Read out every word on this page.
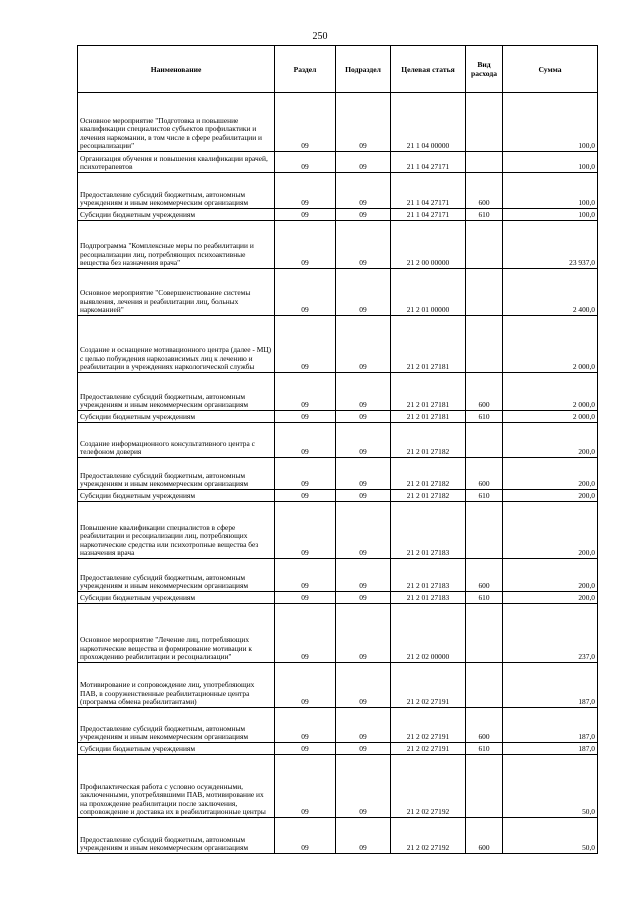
250
Наименование	Раздел	Подраздел	Целевая статья	Вид расхода	Сумма
Основное мероприятие "Подготовка и повышение квалификации специалистов субъектов профилактики и лечения наркомании, в том числе в сфере реабилитации и ресоциализации"	09	09	21 1 04 00000		100,0
Организация обучения и повышения квалификации врачей, психотерапевтов	09	09	21 1 04 27171		100,0
Предоставление субсидий бюджетным, автономным учреждениям и иным некоммерческим организациям	09	09	21 1 04 27171	600	100,0
Субсидии бюджетным учреждениям	09	09	21 1 04 27171	610	100,0
Подпрограмма "Комплексные меры по реабилитации и ресоциализации лиц, потребляющих психоактивные вещества без назначения врача"	09	09	21 2 00 00000		23 937,0
Основное мероприятие "Совершенствование системы выявления, лечения и реабилитации лиц, больных наркоманией"	09	09	21 2 01 00000		2 400,0
Создание и оснащение мотивационного центра (далее - МЦ) с целью побуждения наркозависимых лиц к лечению и реабилитации в учреждениях наркологической службы	09	09	21 2 01 27181		2 000,0
Предоставление субсидий бюджетным, автономным учреждениям и иным некоммерческим организациям	09	09	21 2 01 27181	600	2 000,0
Субсидии бюджетным учреждениям	09	09	21 2 01 27181	610	2 000,0
Создание информационного консультативного центра с телефоном доверия	09	09	21 2 01 27182		200,0
Предоставление субсидий бюджетным, автономным учреждениям и иным некоммерческим организациям	09	09	21 2 01 27182	600	200,0
Субсидии бюджетным учреждениям	09	09	21 2 01 27182	610	200,0
Повышение квалификации специалистов в сфере реабилитации и ресоциализации лиц, потребляющих наркотические средства или психотропные вещества без назначения врача	09	09	21 2 01 27183		200,0
Предоставление субсидий бюджетным, автономным учреждениям и иным некоммерческим организациям	09	09	21 2 01 27183	600	200,0
Субсидии бюджетным учреждениям	09	09	21 2 01 27183	610	200,0
Основное мероприятие "Лечение лиц, потребляющих наркотические вещества и формирование мотивации к прохождению реабилитации и ресоциализации"	09	09	21 2 02 00000		237,0
Мотивирование и сопровождение лиц, употребляющих ПАВ, в сооруженственные реабилитационные центра (программа обмена реабилитантами)	09	09	21 2 02 27191		187,0
Предоставление субсидий бюджетным, автономным учреждениям и иным некоммерческим организациям	09	09	21 2 02 27191	600	187,0
Субсидии бюджетным учреждениям	09	09	21 2 02 27191	610	187,0
Профилактическая работа с условно осужденными, заключенными, употреблявшими ПАВ, мотивирование их на прохождение реабилитации после заключения, сопровождение и доставка их в реабилитационные центры	09	09	21 2 02 27192		50,0
Предоставление субсидий бюджетным, автономным учреждениям и иным некоммерческим организациям	09	09	21 2 02 27192	600	50,0
